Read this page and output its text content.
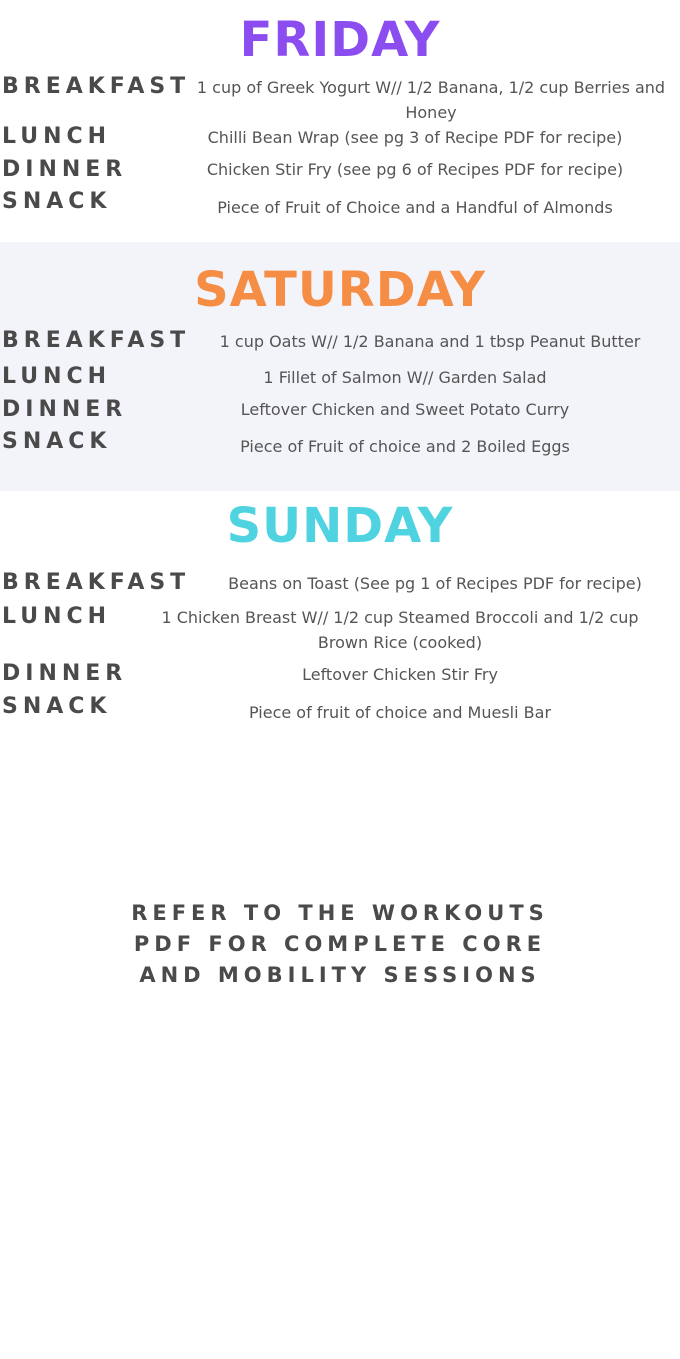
FRIDAY
BREAKFAST 1 cup of Greek Yogurt W// 1/2 Banana, 1/2 cup Berries and Honey
LUNCH	Chilli Bean Wrap (see pg 3 of Recipe PDF for recipe)
DINNER	Chicken Stir Fry (see pg 6 of Recipes PDF for recipe)
SNACK	Piece of Fruit of Choice and a Handful of Almonds
SATURDAY
BREAKFAST	1 cup Oats W// 1/2 Banana and 1 tbsp Peanut Butter
LUNCH	1 Fillet of Salmon W// Garden Salad
DINNER	Leftover Chicken and Sweet Potato Curry
SNACK	Piece of Fruit of choice and 2 Boiled Eggs
SUNDAY
BREAKFAST	Beans on Toast (See pg 1 of Recipes PDF for recipe)
LUNCH	1 Chicken Breast W// 1/2 cup Steamed Broccoli and 1/2 cup Brown Rice (cooked)
DINNER	Leftover Chicken Stir Fry
SNACK	Piece of fruit of choice and Muesli Bar
REFER TO THE WORKOUTS
PDF FOR COMPLETE CORE
AND MOBILITY SESSIONS
